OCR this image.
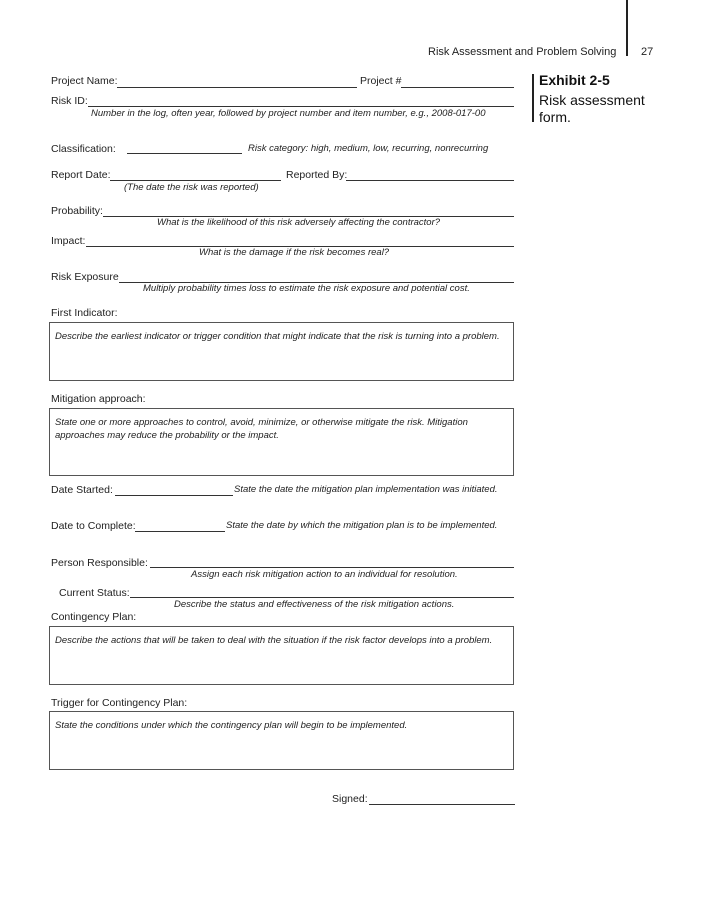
Risk Assessment and Problem Solving 27
Exhibit 2-5
Risk assessment form.
Project Name:	Project #
Risk ID:
Number in the log, often year, followed by project number and item number, e.g., 2008-017-00
Classification:	Risk category: high, medium, low, recurring, nonrecurring
Report Date:	Reported By:
(The date the risk was reported)
Probability:
What is the likelihood of this risk adversely affecting the contractor?
Impact:
What is the damage if the risk becomes real?
Risk Exposure
Multiply probability times loss to estimate the risk exposure and potential cost.
First Indicator:
Describe the earliest indicator or trigger condition that might indicate that the risk is turning into a problem.
Mitigation approach:
State one or more approaches to control, avoid, minimize, or otherwise mitigate the risk. Mitigation approaches may reduce the probability or the impact.
Date Started:	State the date the mitigation plan implementation was initiated.
Date to Complete:	State the date by which the mitigation plan is to be implemented.
Person Responsible:
Assign each risk mitigation action to an individual for resolution.
Current Status:
Describe the status and effectiveness of the risk mitigation actions.
Contingency Plan:
Describe the actions that will be taken to deal with the situation if the risk factor develops into a problem.
Trigger for Contingency Plan:
State the conditions under which the contingency plan will begin to be implemented.
Signed:
